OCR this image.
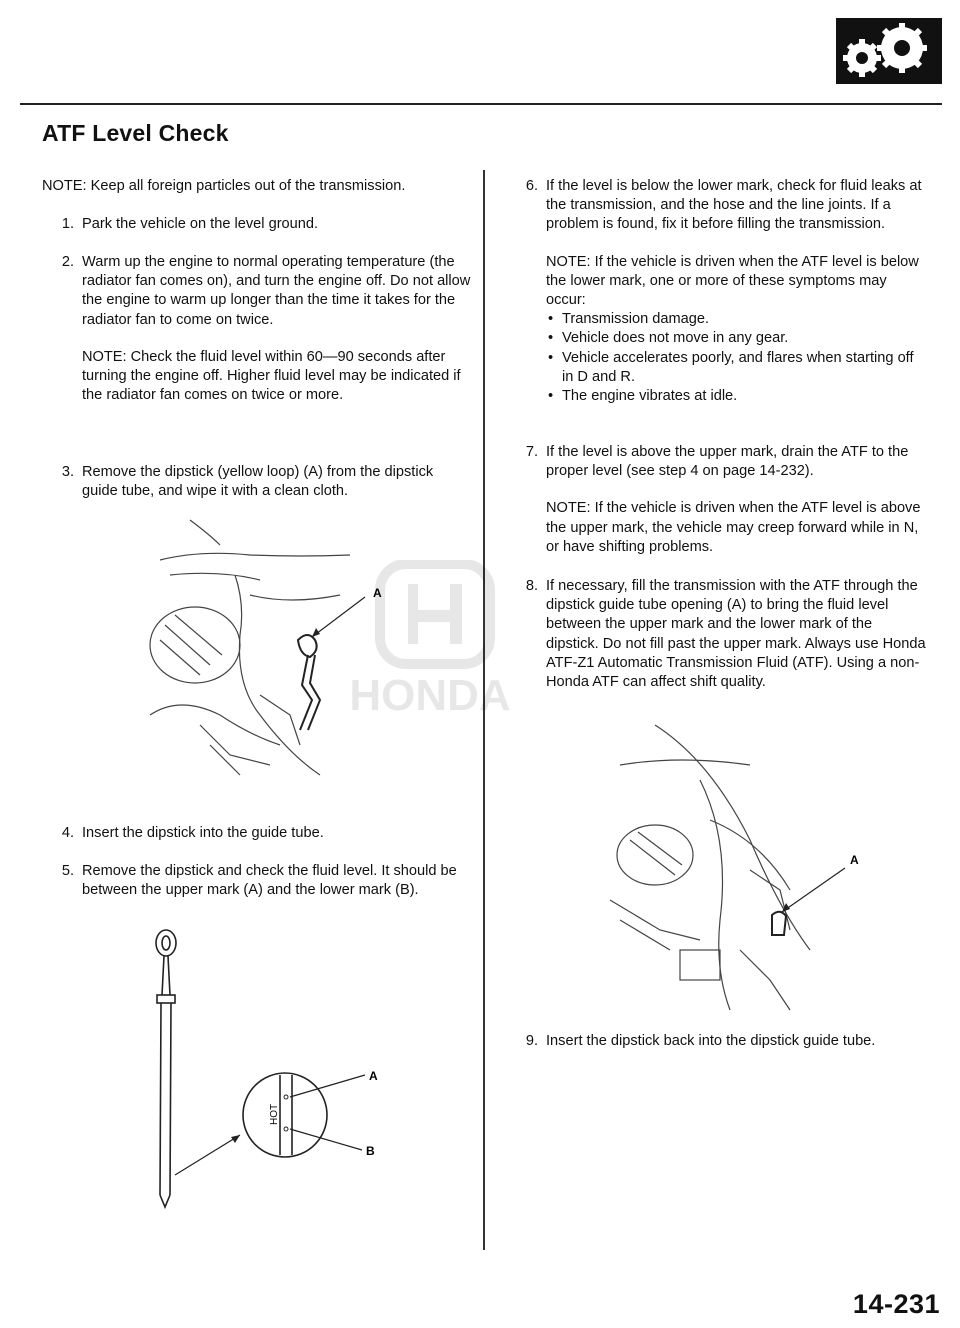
ATF Level Check
HONDA
NOTE: Keep all foreign particles out of the transmission.
1. Park the vehicle on the level ground.
2. Warm up the engine to normal operating temperature (the radiator fan comes on), and turn the engine off. Do not allow the engine to warm up longer than the time it takes for the radiator fan to come on twice.
NOTE: Check the fluid level within 60—90 seconds after turning the engine off. Higher fluid level may be indicated if the radiator fan comes on twice or more.
3. Remove the dipstick (yellow loop) (A) from the dipstick guide tube, and wipe it with a clean cloth.
A
4. Insert the dipstick into the guide tube.
5. Remove the dipstick and check the fluid level. It should be between the upper mark (A) and the lower mark (B).
HOT
A
B
6. If the level is below the lower mark, check for fluid leaks at the transmission, and the hose and the line joints. If a problem is found, fix it before filling the transmission.
NOTE: If the vehicle is driven when the ATF level is below the lower mark, one or more of these symptoms may occur:
• Transmission damage.
• Vehicle does not move in any gear.
• Vehicle accelerates poorly, and flares when starting off in D and R.
• The engine vibrates at idle.
7. If the level is above the upper mark, drain the ATF to the proper level (see step 4 on page 14-232).
NOTE: If the vehicle is driven when the ATF level is above the upper mark, the vehicle may creep forward while in N, or have shifting problems.
8. If necessary, fill the transmission with the ATF through the dipstick guide tube opening (A) to bring the fluid level between the upper mark and the lower mark of the dipstick. Do not fill past the upper mark. Always use Honda ATF-Z1 Automatic Transmission Fluid (ATF). Using a non-Honda ATF can affect shift quality.
A
9. Insert the dipstick back into the dipstick guide tube.
14-231
